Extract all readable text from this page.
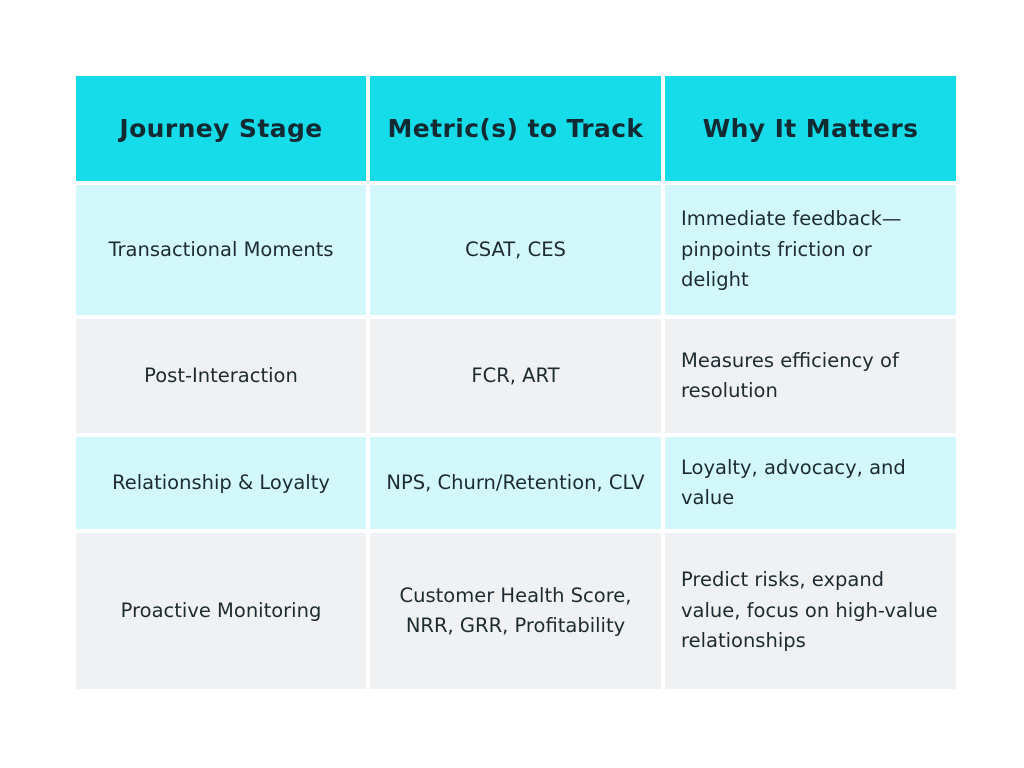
Journey Stage	Metric(s) to Track	Why It Matters
Transactional Moments	CSAT, CES	Immediate feedback—pinpoints friction or delight
Post-Interaction	FCR, ART	Measures efficiency of resolution
Relationship & Loyalty	NPS, Churn/Retention, CLV	Loyalty, advocacy, and value
Proactive Monitoring	Customer Health Score, NRR, GRR, Profitability	Predict risks, expand value, focus on high-value relationships
